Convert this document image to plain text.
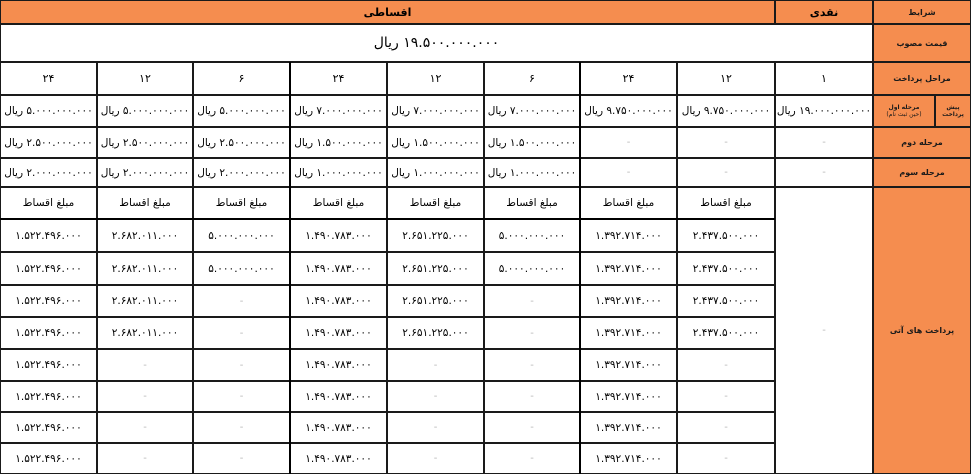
شرایط
نقدی
اقساطی
قیمت مصوب
۱۹.۵۰۰.۰۰۰.۰۰۰ ریال
مراحل پرداخت
۱
۱۲
۲۴
۶
۱۲
۲۴
۶
۱۲
۲۴
پیش پرداخت
مرحله اول
(حین ثبت نام)
۱۹.۰۰۰.۰۰۰.۰۰۰ ریال
۹.۷۵۰.۰۰۰.۰۰۰ ریال
۹.۷۵۰.۰۰۰.۰۰۰ ریال
۷.۰۰۰.۰۰۰.۰۰۰ ریال
۷.۰۰۰.۰۰۰.۰۰۰ ریال
۷.۰۰۰.۰۰۰.۰۰۰ ریال
۵.۰۰۰.۰۰۰.۰۰۰ ریال
۵.۰۰۰.۰۰۰.۰۰۰ ریال
۵.۰۰۰.۰۰۰.۰۰۰ ریال
مرحله دوم
-
-
-
۱.۵۰۰.۰۰۰.۰۰۰ ریال
۱.۵۰۰.۰۰۰.۰۰۰ ریال
۱.۵۰۰.۰۰۰.۰۰۰ ریال
۲.۵۰۰.۰۰۰.۰۰۰ ریال
۲.۵۰۰.۰۰۰.۰۰۰ ریال
۲.۵۰۰.۰۰۰.۰۰۰ ریال
مرحله سوم
-
-
-
۱.۰۰۰.۰۰۰.۰۰۰ ریال
۱.۰۰۰.۰۰۰.۰۰۰ ریال
۱.۰۰۰.۰۰۰.۰۰۰ ریال
۲.۰۰۰.۰۰۰.۰۰۰ ریال
۲.۰۰۰.۰۰۰.۰۰۰ ریال
۲.۰۰۰.۰۰۰.۰۰۰ ریال
پرداخت های آتی
-
مبلغ اقساط
مبلغ اقساط
مبلغ اقساط
مبلغ اقساط
مبلغ اقساط
مبلغ اقساط
مبلغ اقساط
مبلغ اقساط
۲.۴۳۷.۵۰۰.۰۰۰
۱.۳۹۲.۷۱۴.۰۰۰
۵.۰۰۰.۰۰۰.۰۰۰
۲.۶۵۱.۲۲۵.۰۰۰
۱.۴۹۰.۷۸۳.۰۰۰
۵.۰۰۰.۰۰۰.۰۰۰
۲.۶۸۲.۰۱۱.۰۰۰
۱.۵۲۲.۴۹۶.۰۰۰
۲.۴۳۷.۵۰۰.۰۰۰
۱.۳۹۲.۷۱۴.۰۰۰
۵.۰۰۰.۰۰۰.۰۰۰
۲.۶۵۱.۲۲۵.۰۰۰
۱.۴۹۰.۷۸۳.۰۰۰
۵.۰۰۰.۰۰۰.۰۰۰
۲.۶۸۲.۰۱۱.۰۰۰
۱.۵۲۲.۴۹۶.۰۰۰
۲.۴۳۷.۵۰۰.۰۰۰
۱.۳۹۲.۷۱۴.۰۰۰
-
۲.۶۵۱.۲۲۵.۰۰۰
۱.۴۹۰.۷۸۳.۰۰۰
-
۲.۶۸۲.۰۱۱.۰۰۰
۱.۵۲۲.۴۹۶.۰۰۰
۲.۴۳۷.۵۰۰.۰۰۰
۱.۳۹۲.۷۱۴.۰۰۰
-
۲.۶۵۱.۲۲۵.۰۰۰
۱.۴۹۰.۷۸۳.۰۰۰
-
۲.۶۸۲.۰۱۱.۰۰۰
۱.۵۲۲.۴۹۶.۰۰۰
-
۱.۳۹۲.۷۱۴.۰۰۰
-
-
۱.۴۹۰.۷۸۳.۰۰۰
-
-
۱.۵۲۲.۴۹۶.۰۰۰
-
۱.۳۹۲.۷۱۴.۰۰۰
-
-
۱.۴۹۰.۷۸۳.۰۰۰
-
-
۱.۵۲۲.۴۹۶.۰۰۰
-
۱.۳۹۲.۷۱۴.۰۰۰
-
-
۱.۴۹۰.۷۸۳.۰۰۰
-
-
۱.۵۲۲.۴۹۶.۰۰۰
-
۱.۳۹۲.۷۱۴.۰۰۰
-
-
۱.۴۹۰.۷۸۳.۰۰۰
-
-
۱.۵۲۲.۴۹۶.۰۰۰
